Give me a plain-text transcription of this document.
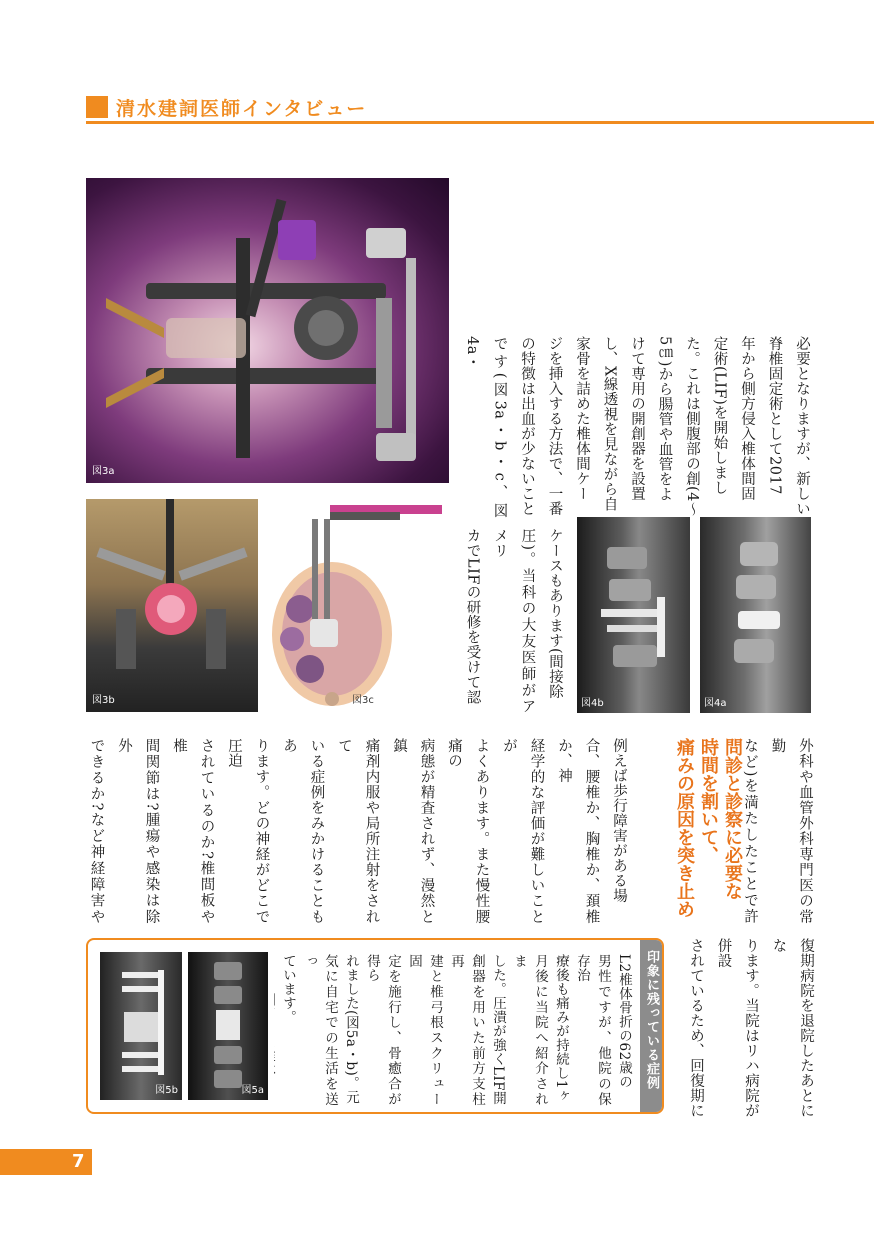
清水建詞医師インタビュー
図3a
図3b	図3c	図4b	図4a
必要となりますが、新しい
脊椎固定術として2017
年から側方侵入椎体間固
定術(LIF)を開始しまし
た。これは側腹部の創(4〜
5㎝)から腸管や血管をよ
けて専用の開創器を設置
し、X線透視を見ながら自
家骨を詰めた椎体間ケー
ジを挿入する方法で、一番
の特徴は出血が少ないこと
です(図3a・b・c、図4a・

ケースもあります(間接除
圧)。当科の大友医師がアメリ
カでLIFの研修を受けて認

外科や血管外科専門医の常勤
など)を満たしたことで許

問診と診察に必要な
時間を割いて、
痛みの原因を突き止め
例えば歩行障害がある場
合、腰椎か、胸椎か、頚椎か、神
経学的な評価が難しいことが
よくあります。また慢性腰痛の
病態が精査されず、漫然と鎮
痛剤内服や局所注射をされて
いる症例をみかけることもあ
ります。どの神経がどこで圧迫
されているのか?椎間板や椎
間関節は?腫瘍や感染は除外
できるか?など神経障害や

復期病院を退院したあとにな
ります。当院はリハ病院が併設
されているため、回復期に

印象に残っている症例
L2椎体骨折の62歳の
男性ですが、他院の保存治
療後も痛みが持続し1ヶ
月後に当院へ紹介されま
した。圧潰が強くLIF開
創器を用いた前方支柱再
建と椎弓根スクリュー固
定を施行し、骨癒合が得ら
れました(図5a・b)。元
気に自宅での生活を送っ
ています。

図5b	図5a
7
